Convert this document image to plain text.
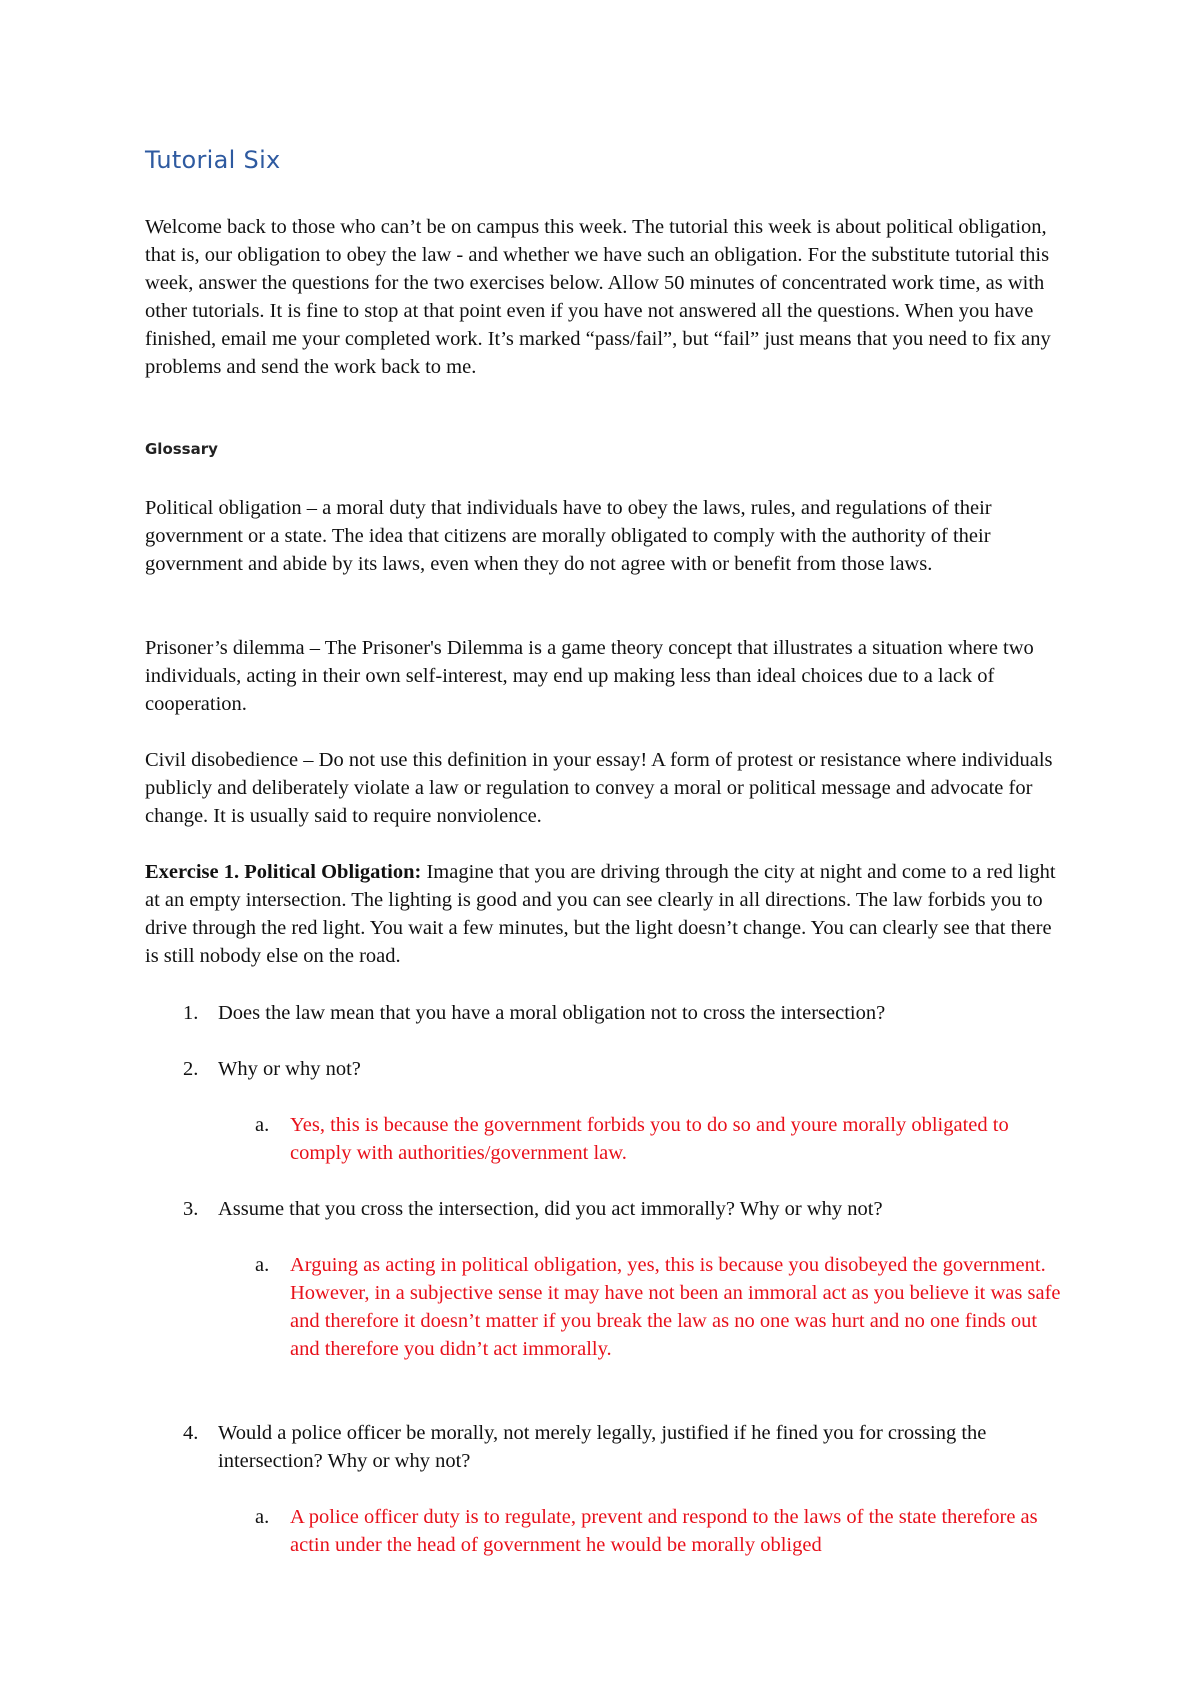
Tutorial Six

Welcome back to those who can’t be on campus this week. The tutorial this week is about political obligation, that is, our obligation to obey the law - and whether we have such an obligation. For the substitute tutorial this week, answer the questions for the two exercises below. Allow 50 minutes of concentrated work time, as with other tutorials. It is fine to stop at that point even if you have not answered all the questions. When you have finished, email me your completed work. It’s marked “pass/fail”, but “fail” just means that you need to fix any problems and send the work back to me.

Glossary

Political obligation – a moral duty that individuals have to obey the laws, rules, and regulations of their government or a state. The idea that citizens are morally obligated to comply with the authority of their government and abide by its laws, even when they do not agree with or benefit from those laws.

Prisoner’s dilemma – The Prisoner's Dilemma is a game theory concept that illustrates a situation where two individuals, acting in their own self-interest, may end up making less than ideal choices due to a lack of cooperation.

Civil disobedience – Do not use this definition in your essay! A form of protest or resistance where individuals publicly and deliberately violate a law or regulation to convey a moral or political message and advocate for change. It is usually said to require nonviolence.

Exercise 1. Political Obligation: Imagine that you are driving through the city at night and come to a red light at an empty intersection. The lighting is good and you can see clearly in all directions. The law forbids you to drive through the red light. You wait a few minutes, but the light doesn’t change. You can clearly see that there is still nobody else on the road.

1. Does the law mean that you have a moral obligation not to cross the intersection?
2. Why or why not?
a. Yes, this is because the government forbids you to do so and youre morally obligated to comply with authorities/government law.
3. Assume that you cross the intersection, did you act immorally? Why or why not?
a. Arguing as acting in political obligation, yes, this is because you disobeyed the government. However, in a subjective sense it may have not been an immoral act as you believe it was safe and therefore it doesn’t matter if you break the law as no one was hurt and no one finds out and therefore you didn’t act immorally.
4. Would a police officer be morally, not merely legally, justified if he fined you for crossing the intersection? Why or why not?
a. A police officer duty is to regulate, prevent and respond to the laws of the state therefore as actin under the head of government he would be morally obliged
